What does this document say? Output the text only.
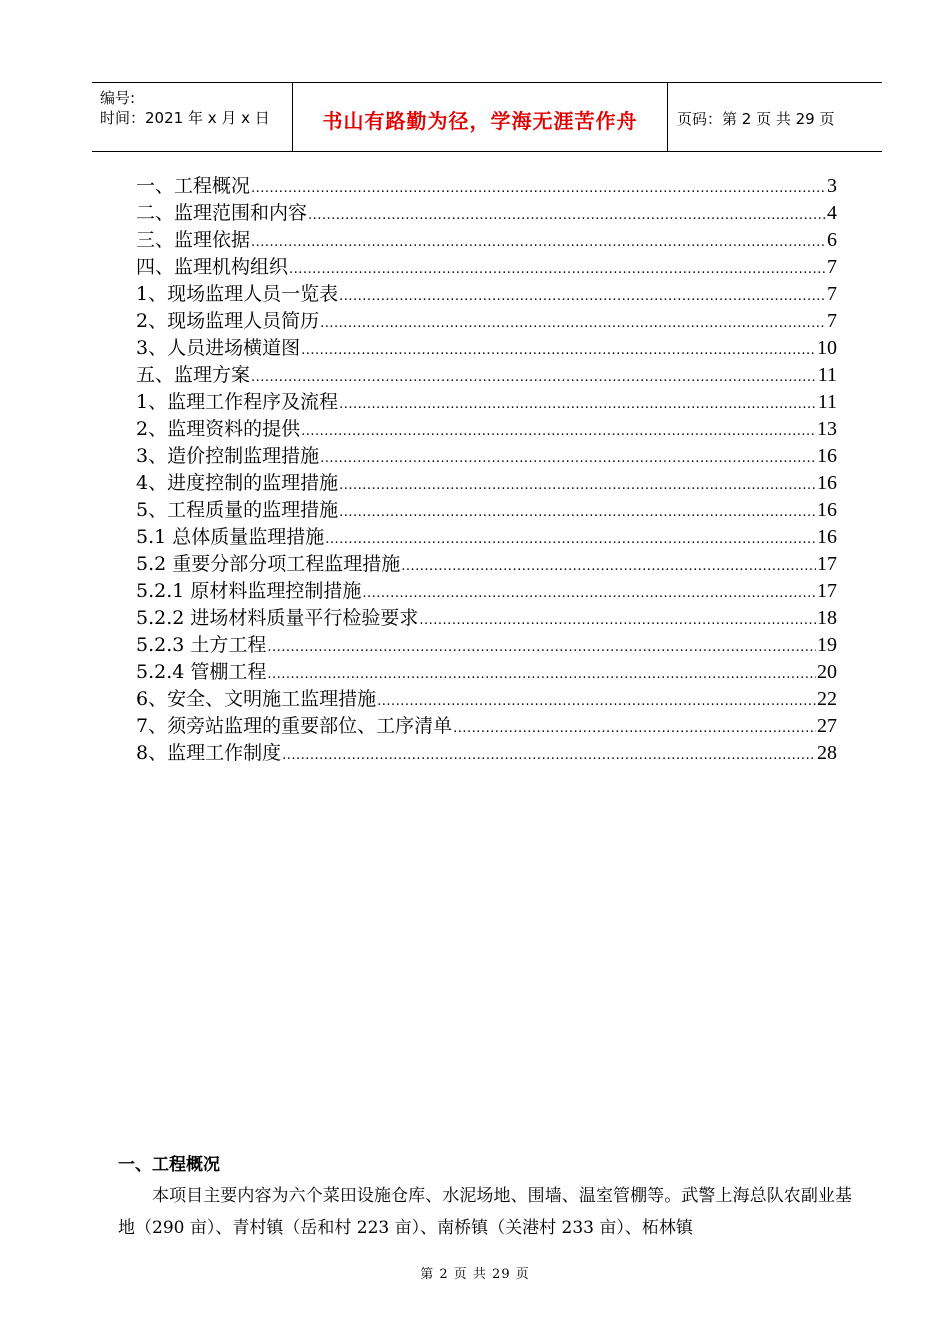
编号:
时间：2021 年 x 月 x 日	书山有路勤为径，学海无涯苦作舟	页码：第 2 页 共 29 页
一、工程概况 .....	3
二、监理范围和内容 .....	4
三、监理依据 .....	6
四、监理机构组织 .....	7
1、现场监理人员一览表 .....	7
2、现场监理人员简历 .....	7
3、人员进场横道图 .....	10
五、监理方案 .....	11
1、监理工作程序及流程 .....	11
2、监理资料的提供 .....	13
3、造价控制监理措施 .....	16
4、进度控制的监理措施 .....	16
5、工程质量的监理措施 .....	16
5.1 总体质量监理措施 .....	16
5.2 重要分部分项工程监理措施 .....	17
5.2.1 原材料监理控制措施 .....	17
5.2.2 进场材料质量平行检验要求 .....	18
5.2.3 土方工程 .....	19
5.2.4 管棚工程 .....	20
6、安全、文明施工监理措施 .....	22
7、须旁站监理的重要部位、工序清单 .....	27
8、监理工作制度 .....	28
一、工程概况
本项目主要内容为六个菜田设施仓库、水泥场地、围墙、温室管棚等。武警上海总队农副业基地（290 亩）、青村镇（岳和村 223 亩）、南桥镇（关港村 233 亩）、柘林镇
第 2 页 共 29 页
